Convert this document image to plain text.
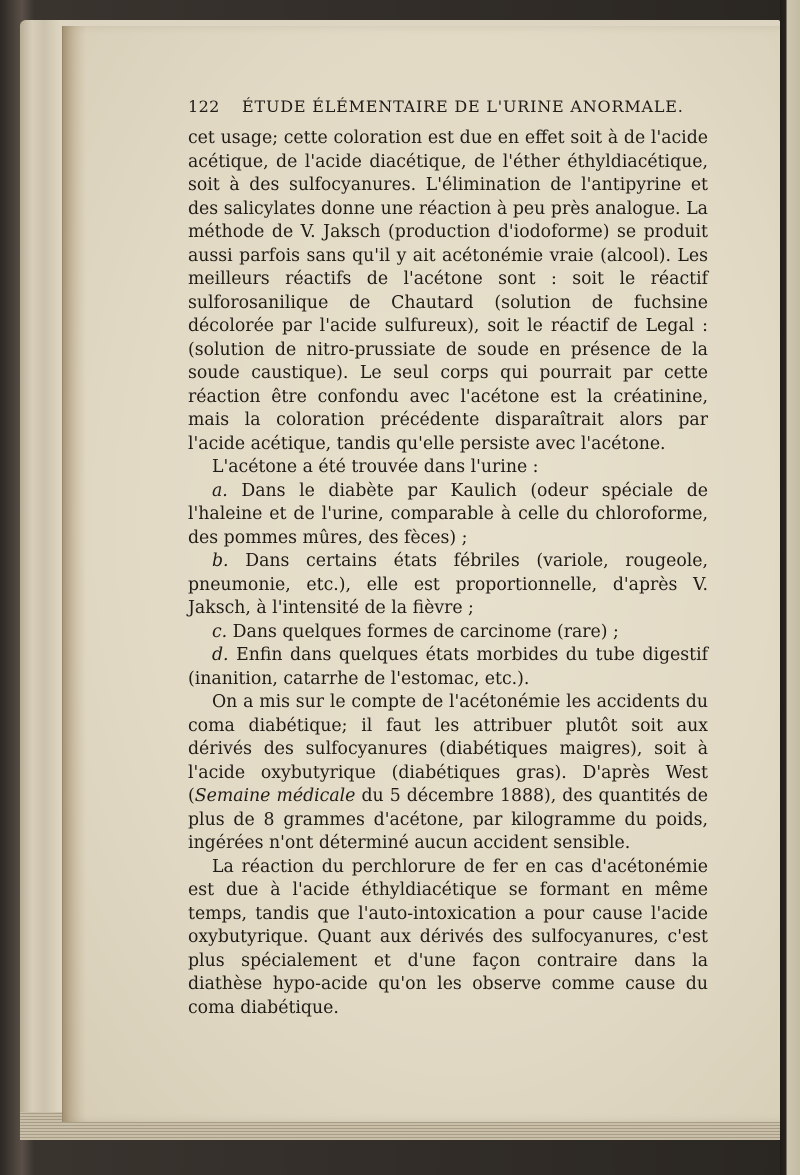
122	ÉTUDE ÉLÉMENTAIRE DE L'URINE ANORMALE.

cet usage; cette coloration est due en effet soit à de l'acide acétique, de l'acide diacétique, de l'éther éthyldiacétique, soit à des sulfocyanures. L'élimination de l'antipyrine et des salicylates donne une réaction à peu près analogue. La méthode de V. Jaksch (production d'iodoforme) se produit aussi parfois sans qu'il y ait acétonémie vraie (alcool). Les meilleurs réactifs de l'acétone sont : soit le réactif sulforosanilique de Chautard (solution de fuchsine décolorée par l'acide sulfureux), soit le réactif de Legal : (solution de nitro-prussiate de soude en présence de la soude caustique). Le seul corps qui pourrait par cette réaction être confondu avec l'acétone est la créatinine, mais la coloration précédente disparaîtrait alors par l'acide acétique, tandis qu'elle persiste avec l'acétone.

L'acétone a été trouvée dans l'urine :

a. Dans le diabète par Kaulich (odeur spéciale de l'haleine et de l'urine, comparable à celle du chloroforme, des pommes mûres, des fèces) ;

b. Dans certains états fébriles (variole, rougeole, pneumonie, etc.), elle est proportionnelle, d'après V. Jaksch, à l'intensité de la fièvre ;

c. Dans quelques formes de carcinome (rare) ;

d. Enfin dans quelques états morbides du tube digestif (inanition, catarrhe de l'estomac, etc.).

On a mis sur le compte de l'acétonémie les accidents du coma diabétique; il faut les attribuer plutôt soit aux dérivés des sulfocyanures (diabétiques maigres), soit à l'acide oxybutyrique (diabétiques gras). D'après West (Semaine médicale du 5 décembre 1888), des quantités de plus de 8 grammes d'acétone, par kilogramme du poids, ingérées n'ont déterminé aucun accident sensible.

La réaction du perchlorure de fer en cas d'acétonémie est due à l'acide éthyldiacétique se formant en même temps, tandis que l'auto-intoxication a pour cause l'acide oxybutyrique. Quant aux dérivés des sulfocyanures, c'est plus spécialement et d'une façon contraire dans la diathèse hypo-acide qu'on les observe comme cause du coma diabétique.
